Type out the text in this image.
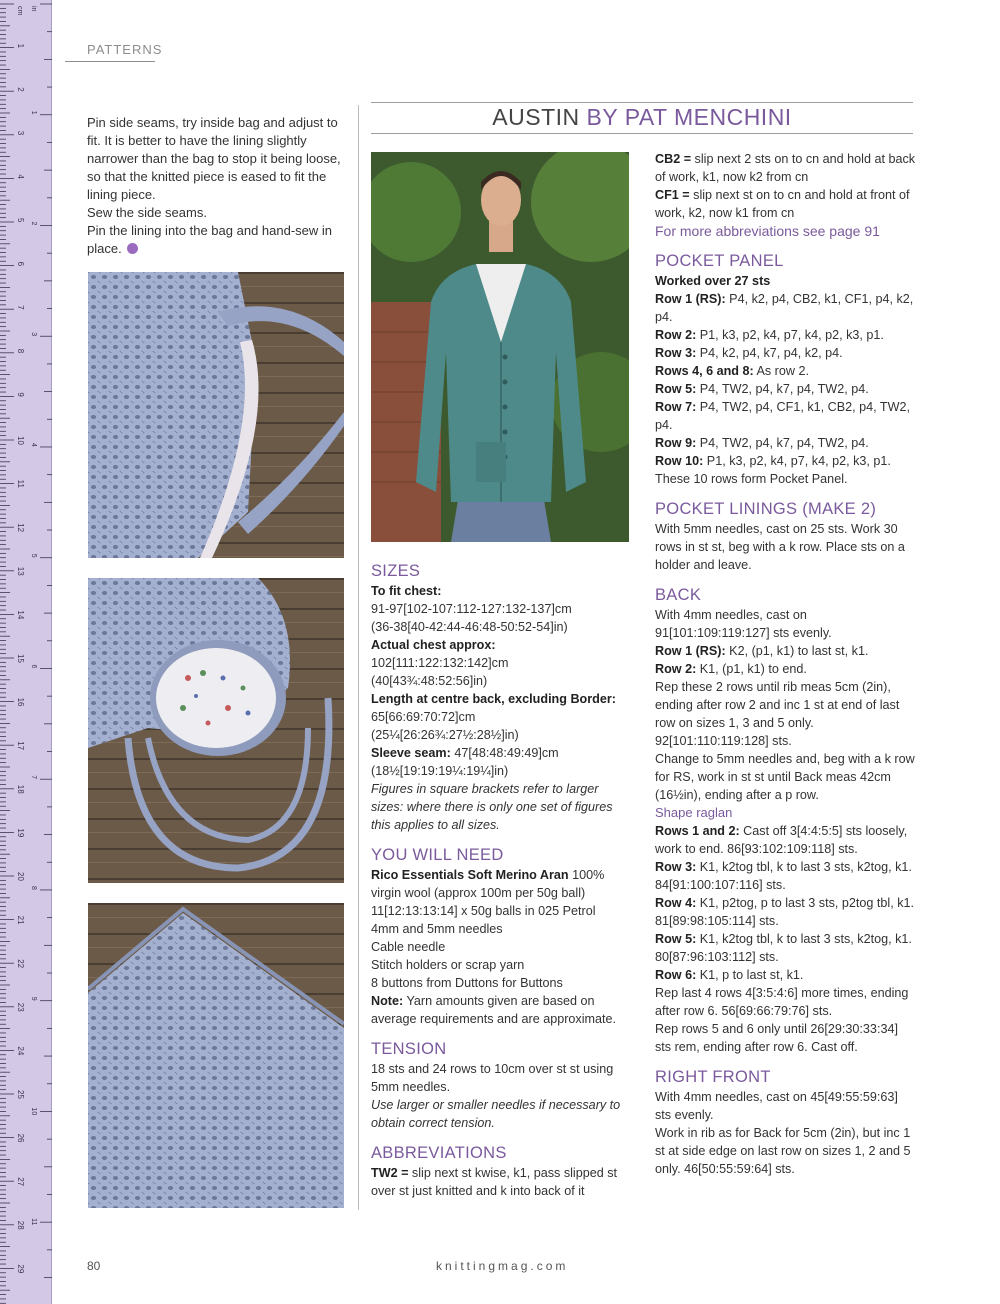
1
2
3
4
5
6
7
8
9
10
11
12
13
14
15
16
17
18
19
20
21
22
23
24
25
26
27
28
29
cm
1
2
3
4
5
6
7
8
9
10
11
in
PATTERNS

Pin side seams, try inside bag and adjust to fit. It is better to have the lining slightly narrower than the bag to stop it being loose, so that the knitted piece is eased to fit the lining piece.

Sew the side seams.

Pin the lining into the bag and hand-sew in place.

AUSTIN BY PAT MENCHINI
SIZES

To fit chest:

91-97[102-107:112-127:132-137]cm

(36-38[40-42:44-46:48-50:52-54]in)

Actual chest approx:

102[111:122:132:142]cm

(40[43¾:48:52:56]in)

Length at centre back, excluding Border:

65[66:69:70:72]cm

(25¼[26:26¾:27½:28½]in)

Sleeve seam: 47[48:48:49:49]cm

(18½[19:19:19¼:19¼]in)

Figures in square brackets refer to larger sizes: where there is only one set of figures this applies to all sizes.

YOU WILL NEED

Rico Essentials Soft Merino Aran 100% virgin wool (approx 100m per 50g ball)

11[12:13:13:14] x 50g balls in 025 Petrol

4mm and 5mm needles

Cable needle

Stitch holders or scrap yarn

8 buttons from Duttons for Buttons

Note: Yarn amounts given are based on average requirements and are approximate.

TENSION

18 sts and 24 rows to 10cm over st st using 5mm needles.

Use larger or smaller needles if necessary to obtain correct tension.

ABBREVIATIONS

TW2 = slip next st kwise, k1, pass slipped st over st just knitted and k into back of it

CB2 = slip next 2 sts on to cn and hold at back of work, k1, now k2 from cn

CF1 = slip next st on to cn and hold at front of work, k2, now k1 from cn

For more abbreviations see page 91

POCKET PANEL

Worked over 27 sts

Row 1 (RS): P4, k2, p4, CB2, k1, CF1, p4, k2, p4.

Row 2: P1, k3, p2, k4, p7, k4, p2, k3, p1.

Row 3: P4, k2, p4, k7, p4, k2, p4.

Rows 4, 6 and 8: As row 2.

Row 5: P4, TW2, p4, k7, p4, TW2, p4.

Row 7: P4, TW2, p4, CF1, k1, CB2, p4, TW2, p4.

Row 9: P4, TW2, p4, k7, p4, TW2, p4.

Row 10: P1, k3, p2, k4, p7, k4, p2, k3, p1.

These 10 rows form Pocket Panel.

POCKET LININGS (MAKE 2)

With 5mm needles, cast on 25 sts. Work 30 rows in st st, beg with a k row. Place sts on a holder and leave.

BACK

With 4mm needles, cast on 91[101:109:119:127] sts evenly.

Row 1 (RS): K2, (p1, k1) to last st, k1.

Row 2: K1, (p1, k1) to end.

Rep these 2 rows until rib meas 5cm (2in), ending after row 2 and inc 1 st at end of last row on sizes 1, 3 and 5 only. 92[101:110:119:128] sts.

Change to 5mm needles and, beg with a k row for RS, work in st st until Back meas 42cm (16½in), ending after a p row.

Shape raglan

Rows 1 and 2: Cast off 3[4:4:5:5] sts loosely, work to end. 86[93:102:109:118] sts.

Row 3: K1, k2tog tbl, k to last 3 sts, k2tog, k1. 84[91:100:107:116] sts.

Row 4: K1, p2tog, p to last 3 sts, p2tog tbl, k1. 81[89:98:105:114] sts.

Row 5: K1, k2tog tbl, k to last 3 sts, k2tog, k1. 80[87:96:103:112] sts.

Row 6: K1, p to last st, k1.

Rep last 4 rows 4[3:5:4:6] more times, ending after row 6. 56[69:66:79:76] sts.

Rep rows 5 and 6 only until 26[29:30:33:34] sts rem, ending after row 6. Cast off.

RIGHT FRONT

With 4mm needles, cast on 45[49:55:59:63] sts evenly.

Work in rib as for Back for 5cm (2in), but inc 1 st at side edge on last row on sizes 1, 2 and 5 only. 46[50:55:59:64] sts.

80	knittingmag.com
